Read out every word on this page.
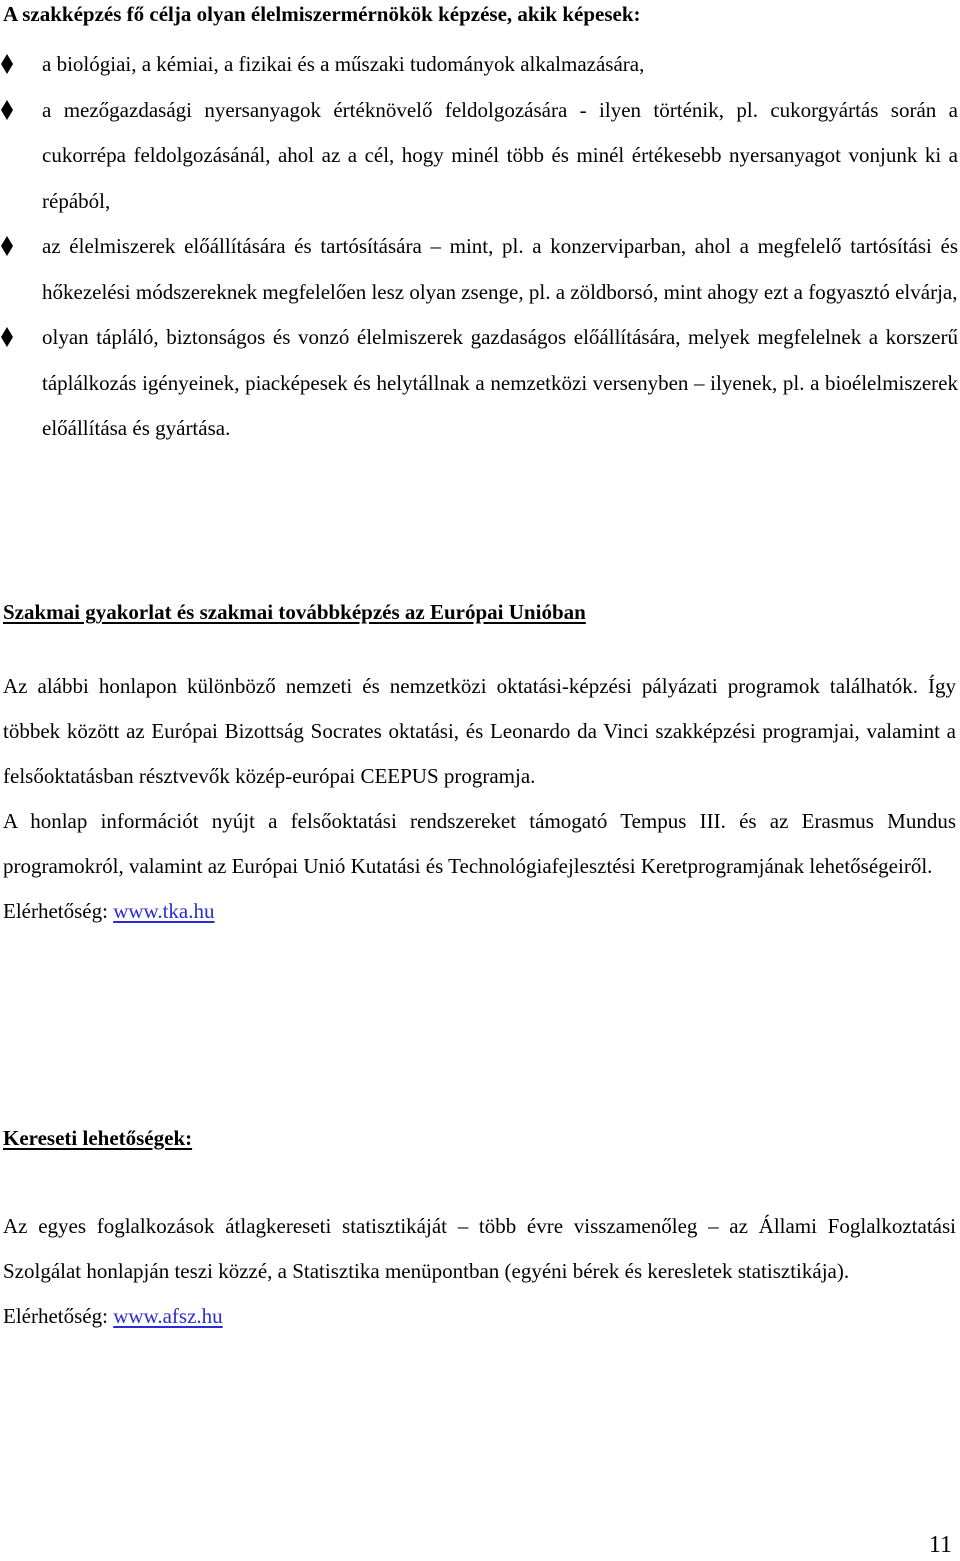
A szakképzés fő célja olyan élelmiszermérnökök képzése, akik képesek:
a biológiai, a kémiai, a fizikai és a műszaki tudományok alkalmazására,
a mezőgazdasági nyersanyagok értéknövelő feldolgozására - ilyen történik, pl. cukorgyártás során a cukorrépa feldolgozásánál, ahol az a cél, hogy minél több és minél értékesebb nyersanyagot vonjunk ki a répából,
az élelmiszerek előállítására és tartósítására – mint, pl. a konzerviparban, ahol a megfelelő tartósítási és hőkezelési módszereknek megfelelően lesz olyan zsenge, pl. a zöldborsó, mint ahogy ezt a fogyasztó elvárja,
olyan tápláló, biztonságos és vonzó élelmiszerek gazdaságos előállítására, melyek megfelelnek a korszerű táplálkozás igényeinek, piacképesek és helytállnak a nemzetközi versenyben – ilyenek, pl. a bioélelmiszerek előállítása és gyártása.
Szakmai gyakorlat és szakmai továbbképzés az Európai Unióban

Az alábbi honlapon különböző nemzeti és nemzetközi oktatási-képzési pályázati programok találhatók. Így többek között az Európai Bizottság Socrates oktatási, és Leonardo da Vinci szakképzési programjai, valamint a felsőoktatásban résztvevők közép-európai CEEPUS programja.

A honlap információt nyújt a felsőoktatási rendszereket támogató Tempus III. és az Erasmus Mundus programokról, valamint az Európai Unió Kutatási és Technológiafejlesztési Keretprogramjának lehetőségeiről.

Elérhetőség: www.tka.hu

Kereseti lehetőségek:

Az egyes foglalkozások átlagkereseti statisztikáját – több évre visszamenőleg – az Állami Foglalkoztatási Szolgálat honlapján teszi közzé, a Statisztika menüpontban (egyéni bérek és keresletek statisztikája).

Elérhetőség: www.afsz.hu

11
